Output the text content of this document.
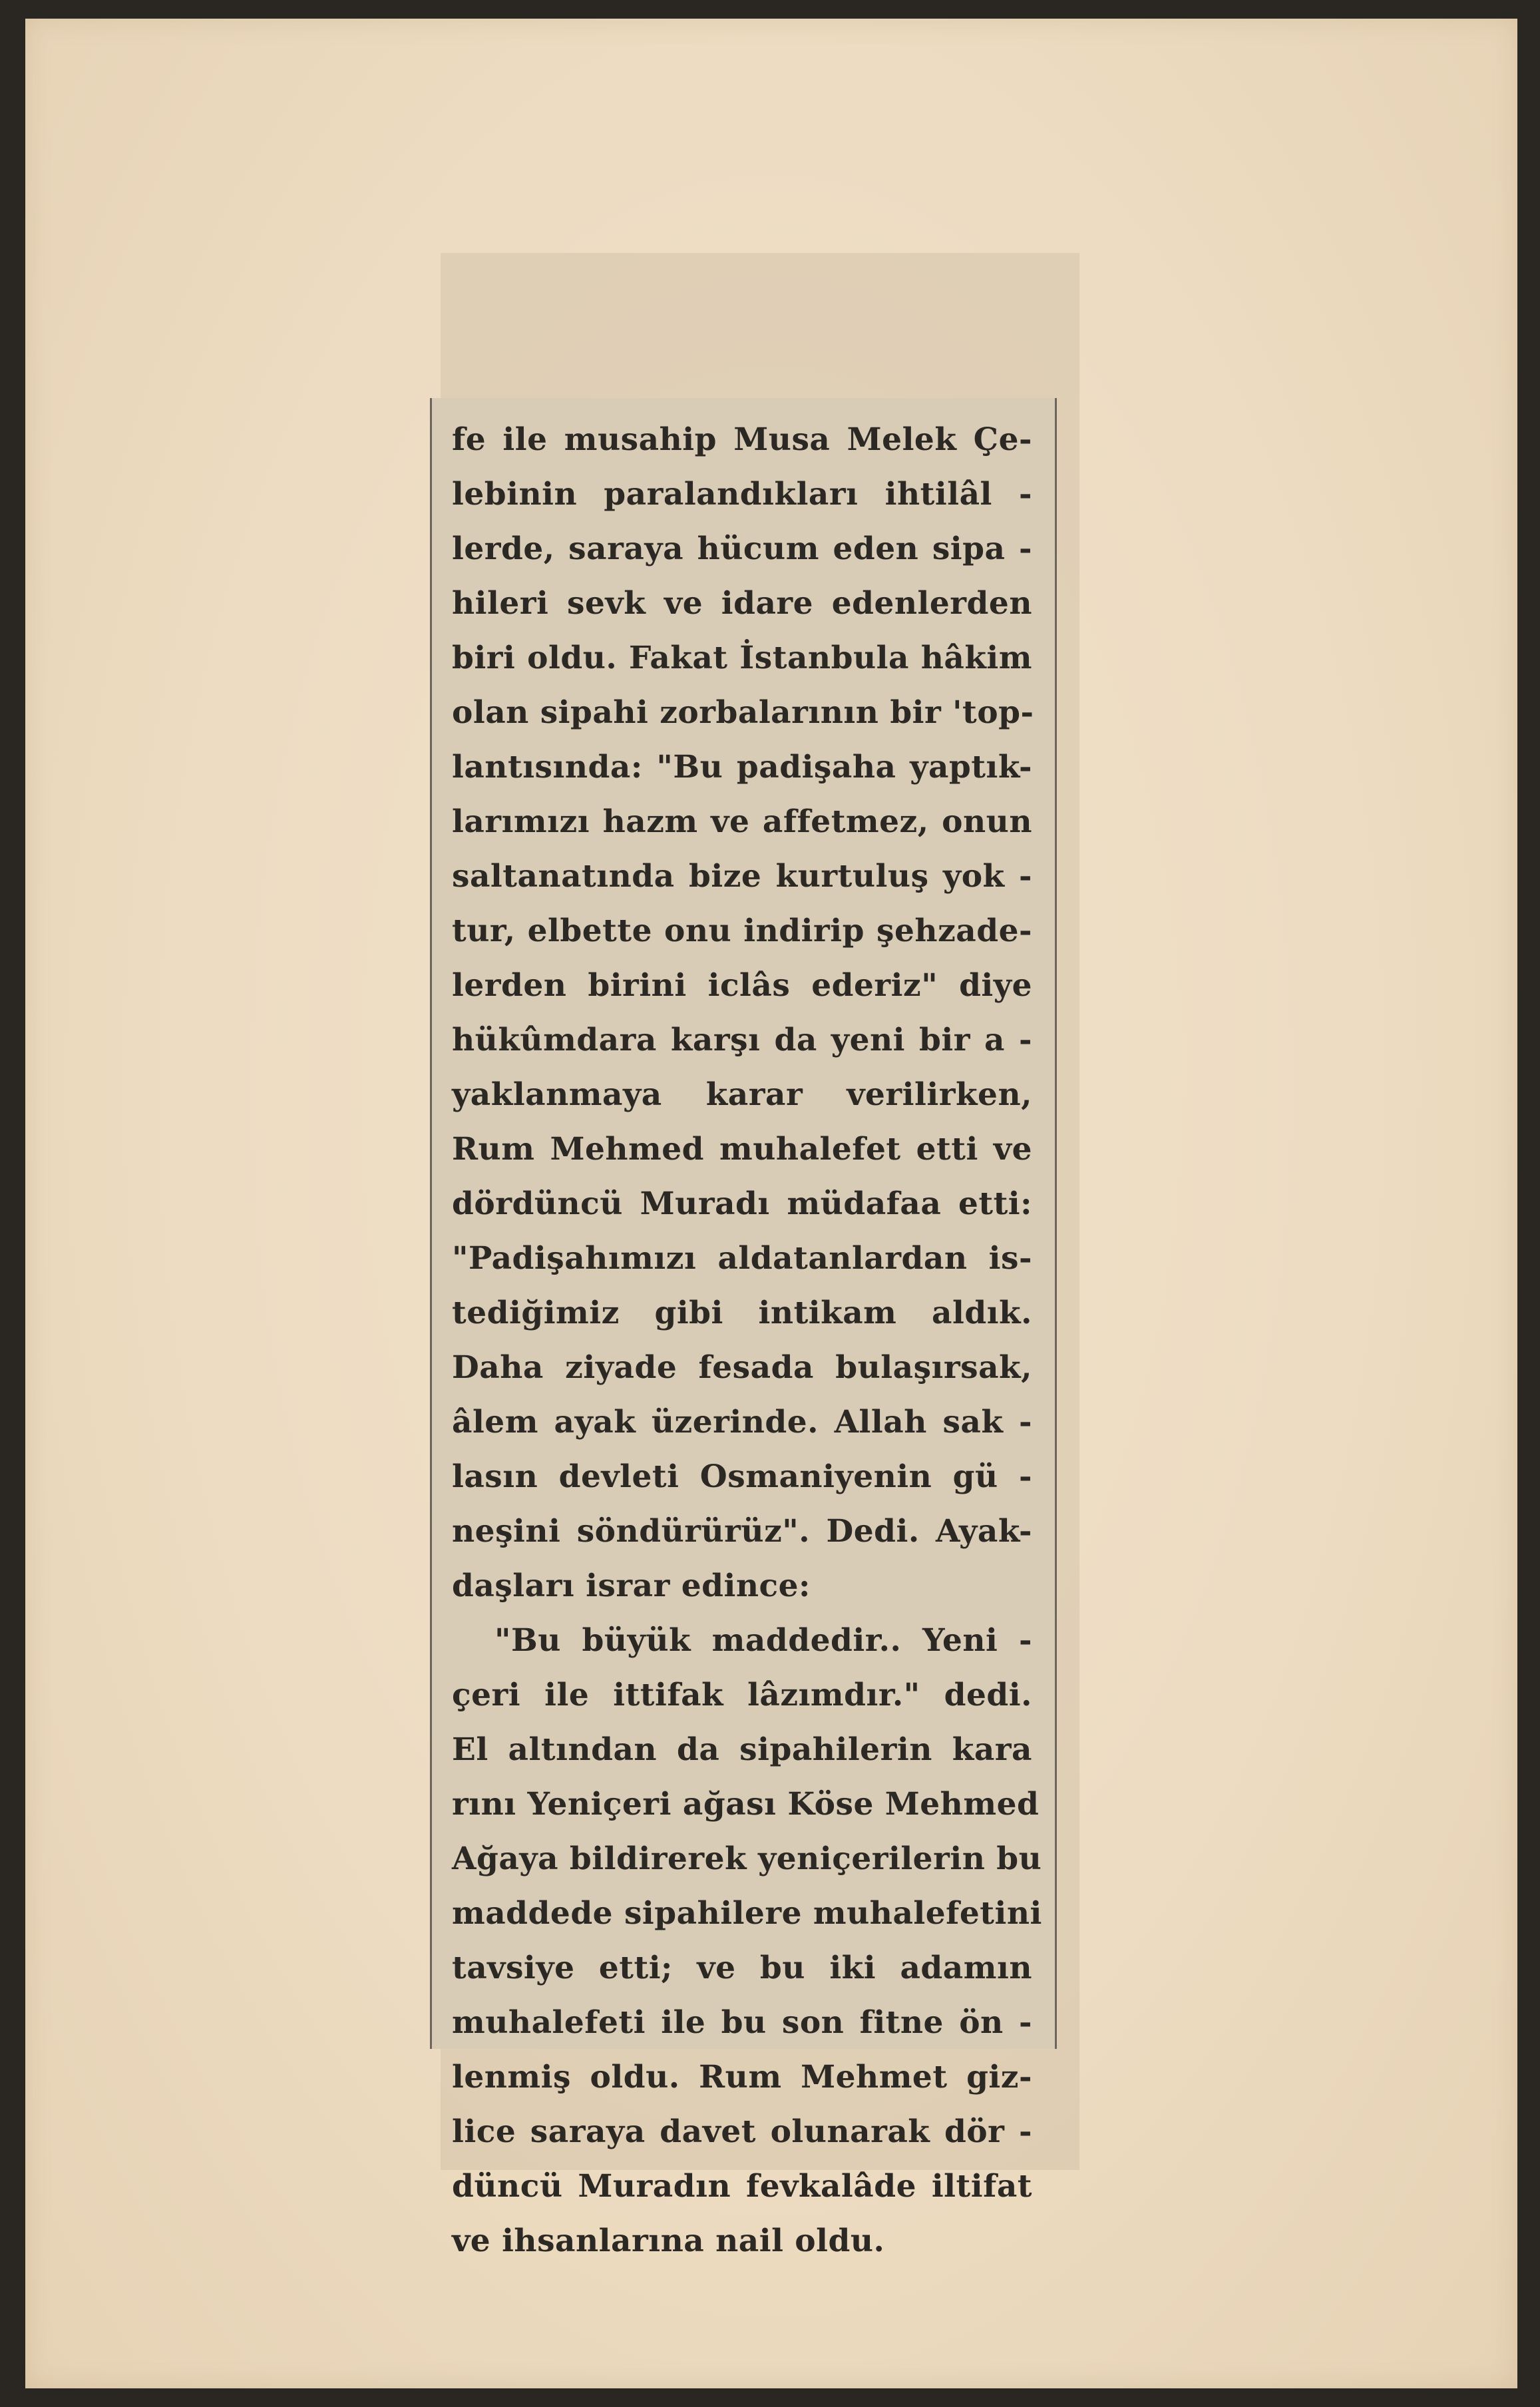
fe ile musahip Musa Melek Çe-
lebinin paralandıkları ihtilâl -
lerde, saraya hücum eden sipa -
hileri sevk ve idare edenlerden
biri oldu. Fakat İstanbula hâkim
olan sipahi zorbalarının bir 'top-
lantısında: "Bu padişaha yaptık-
larımızı hazm ve affetmez, onun
saltanatında bize kurtuluş yok -
tur, elbette onu indirip şehzade-
lerden birini iclâs ederiz" diye
hükûmdara karşı da yeni bir a -
yaklanmaya karar verilirken,
Rum Mehmed muhalefet etti ve
dördüncü Muradı müdafaa etti:
"Padişahımızı aldatanlardan is-
tediğimiz gibi intikam aldık.
Daha ziyade fesada bulaşırsak,
âlem ayak üzerinde. Allah sak -
lasın devleti Osmaniyenin gü -
neşini söndürürüz". Dedi. Ayak-
daşları israr edince:
"Bu büyük maddedir.. Yeni -
çeri ile ittifak lâzımdır." dedi.
El altından da sipahilerin kara
rını Yeniçeri ağası Köse Mehmed
Ağaya bildirerek yeniçerilerin bu
maddede sipahilere muhalefetini
tavsiye etti; ve bu iki adamın
muhalefeti ile bu son fitne ön -
lenmiş oldu. Rum Mehmet giz-
lice saraya davet olunarak dör -
düncü Muradın fevkalâde iltifat
ve ihsanlarına nail oldu.
